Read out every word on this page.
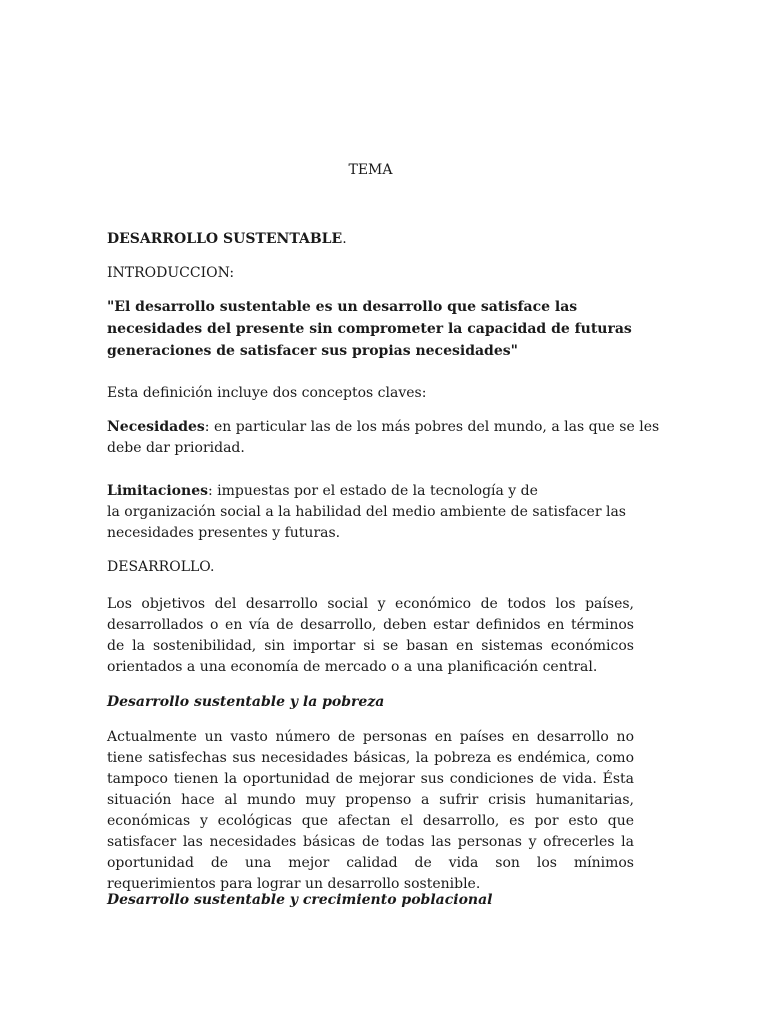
TEMA

DESARROLLO SUSTENTABLE.

INTRODUCCION:

"El desarrollo sustentable es un desarrollo que satisface las necesidades del presente sin comprometer la capacidad de futuras generaciones de satisfacer sus propias necesidades"

Esta definición incluye dos conceptos claves:

Necesidades: en particular las de los más pobres del mundo, a las que se les

debe dar prioridad.

Limitaciones: impuestas por el estado de la tecnología y de

la organización social a la habilidad del medio ambiente de satisfacer las

necesidades presentes y futuras.

DESARROLLO.

Los objetivos del desarrollo social y económico de todos los países, desarrollados o en vía de desarrollo, deben estar definidos en términos de la sostenibilidad, sin importar si se basan en sistemas económicos orientados a una economía de mercado o a una planificación central.

Desarrollo sustentable y la pobreza

Actualmente un vasto número de personas en países en desarrollo no tiene satisfechas sus necesidades básicas, la pobreza es endémica, como tampoco tienen la oportunidad de mejorar sus condiciones de vida. Ésta situación hace al mundo muy propenso a sufrir crisis humanitarias, económicas y ecológicas que afectan el desarrollo, es por esto que satisfacer las necesidades básicas de todas las personas y ofrecerles la oportunidad de una mejor calidad de vida son los mínimos requerimientos para lograr un desarrollo sostenible.

Desarrollo sustentable y crecimiento poblacional
